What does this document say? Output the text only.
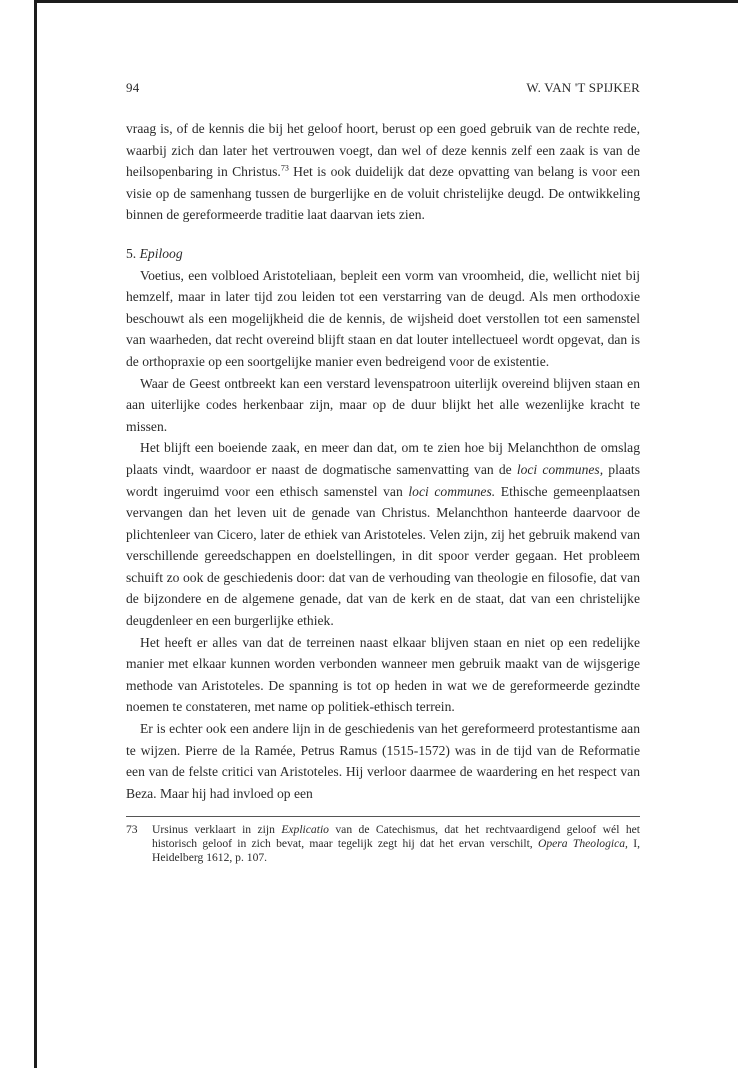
94	W. VAN 'T SPIJKER

vraag is, of de kennis die bij het geloof hoort, berust op een goed gebruik van de rechte rede, waarbij zich dan later het vertrouwen voegt, dan wel of deze kennis zelf een zaak is van de heilsopenbaring in Christus.$^{73}$ Het is ook duidelijk dat deze opvatting van belang is voor een visie op de samenhang tussen de burgerlijke en de voluit christelijke deugd. De ontwikkeling binnen de gereformeerde traditie laat daarvan iets zien.

5. Epiloog

Voetius, een volbloed Aristoteliaan, bepleit een vorm van vroomheid, die, wellicht niet bij hemzelf, maar in later tijd zou leiden tot een verstarring van de deugd. Als men orthodoxie beschouwt als een mogelijkheid die de kennis, de wijsheid doet verstollen tot een samenstel van waarheden, dat recht overeind blijft staan en dat louter intellectueel wordt opgevat, dan is de orthopraxie op een soortgelijke manier even bedreigend voor de existentie.

Waar de Geest ontbreekt kan een verstard levenspatroon uiterlijk overeind blijven staan en aan uiterlijke codes herkenbaar zijn, maar op de duur blijkt het alle wezenlijke kracht te missen.

Het blijft een boeiende zaak, en meer dan dat, om te zien hoe bij Melanchthon de omslag plaats vindt, waardoor er naast de dogmatische samenvatting van de loci communes, plaats wordt ingeruimd voor een ethisch samenstel van loci communes. Ethische gemeenplaatsen vervangen dan het leven uit de genade van Christus. Melanchthon hanteerde daarvoor de plichtenleer van Cicero, later de ethiek van Aristoteles. Velen zijn, zij het gebruik makend van verschillende gereedschappen en doelstellingen, in dit spoor verder gegaan. Het probleem schuift zo ook de geschiedenis door: dat van de verhouding van theologie en filosofie, dat van de bijzondere en de algemene genade, dat van de kerk en de staat, dat van een christelijke deugdenleer en een burgerlijke ethiek.

Het heeft er alles van dat de terreinen naast elkaar blijven staan en niet op een redelijke manier met elkaar kunnen worden verbonden wanneer men gebruik maakt van de wijsgerige methode van Aristoteles. De spanning is tot op heden in wat we de gereformeerde gezindte noemen te constateren, met name op politiek-ethisch terrein.

Er is echter ook een andere lijn in de geschiedenis van het gereformeerd protestantisme aan te wijzen. Pierre de la Ramée, Petrus Ramus (1515-1572) was in de tijd van de Reformatie een van de felste critici van Aristoteles. Hij verloor daarmee de waardering en het respect van Beza. Maar hij had invloed op een

73	Ursinus verklaart in zijn Explicatio van de Catechismus, dat het rechtvaardigend geloof wél het historisch geloof in zich bevat, maar tegelijk zegt hij dat het ervan verschilt, Opera Theologica, I, Heidelberg 1612, p. 107.
